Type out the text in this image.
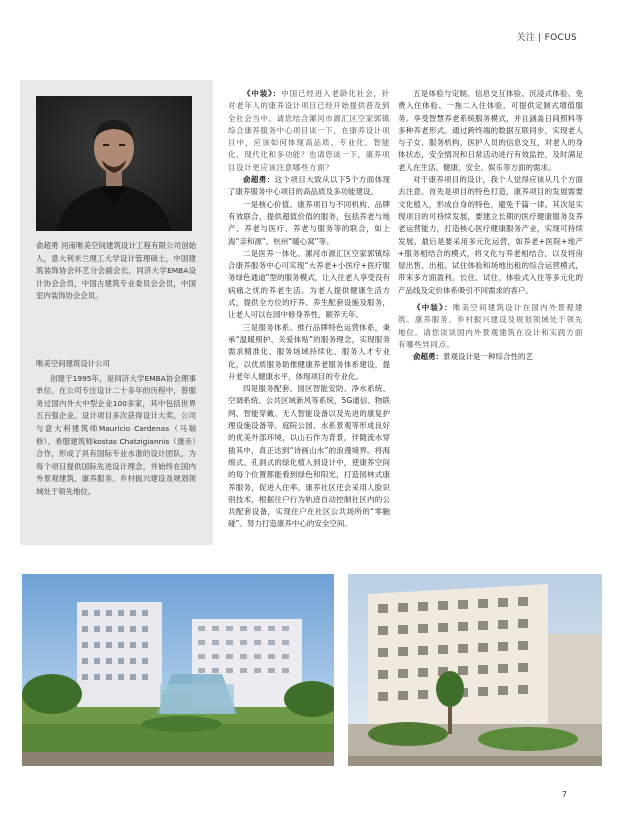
关注 | FOCUS
俞超勇 河南唯美空间建筑设计工程有限公司创始人，意大利米兰理工大学设计管理硕士，中国建筑装饰协会环艺分会副会长，同济大学EMBA设计协会会员，中国古建筑专业委员会会员，中国室内装饰协会会员。
唯美空间建筑设计公司
创建于1995年，是同济大学EMBA协会理事单位。在公司专注设计二十多年的历程中，曾服务过国内外大中型企业100多家，其中包括世界五百强企业。设计项目多次获得设计大奖。公司与意大利建筑师Mauricio Cardenas（马瑞修）、希腊建筑师kostas Chatzigiannis（康赤）合作，形成了具有国际专业水准的设计团队，为每个项目提供国际先进设计理念，并始终在国内外景观建筑、康养服务、乡村振兴建设及规划领域处于领先地位。

《中装》：中国已经进入老龄化社会，针对老年人的康养设计项目已经开始提供普及到全社会当中。请您结合漯河市源汇区空家郭镇综合康养服务中心项目谈一下，在康养设计项目中，应该如何体现高品质、专业化、智能化、现代化和多功能？也请您谈一下，康养项目设计更应该注意哪些方面？

俞超勇：这个项目大致从以下5个方面体现了康养服务中心项目的高品质及多功能建设。

一是核心价值。康养项目与不同机构、品牌有效联合，提供超值价值的服务，包括养老与地产、养老与医疗、养老与服务等的联合，如上海“亲和源”、杭州“暖心窝”等。

二是医养一体化。漯河市源汇区空家郭镇综合康养服务中心可实现“大养老+小医疗+医疗服务绿色通道”型的服务模式，让入住老人享受没有病痛之忧的养老生活。为老人提供健康生活方式，提供全方位的疗养、养生配套设施及服务，让老人可以在园中修身养性、颐养天年。

三是服务体系。推行品牌特色运营体系，秉承“温暖照护、关爱体贴”的服务理念，实现服务需求精准化、服务场域持续化、服务人才专业化，以优质服务助推健康养老服务体系建设，提升老年人健康水平，体现项目的专业化。

四是服务配套。园区智能安防、净水系统、空调系统、公共区域新风等系统，5G通信、物联网、智能穿戴、无人智能设备以及先进的康复护理设施设备等。庭院公园、水系景观等形成良好的优美外部环境，以山石作为背景，伴随流水穿插其中，真正达到“诗画山水”的浪漫境界。将海绵式、孔洞式的绿化植入到设计中，使康养空间的每个位置都能看到绿色和阳光，打造园林式康养服务，促进入住率。康养社区还会采用人脸识别技术，根据住户行为轨迹自动控制社区内的公共配套设备，实现住户在社区公共场所的“零触碰”。努力打造康养中心的安全空间。

五是体验与定制。信息交互体验、沉浸式体验、免费入住体验、一拖二入住体验，可提供定制式增值服务。享受智慧养老系统服务模式，并且涵盖日间照料等多种养老形式。通过跨终端的数据互联同步，实现老人与子女、服务机构、医护人员的信息交互，对老人的身体状态，安全情况和日常活动进行有效监控，及时满足老人在生活、健康、安全、娱乐等方面的需求。

对于康养项目的设计，我个人觉得应该从几个方面去注意。首先是项目的特色打造，康养项目的发展需要文化植入，形成自身的特色，避免千篇一律。其次是实现项目的可持续发展，要建立长期的医疗健康服务及养老运营能力，打造核心医疗健康服务产业，实现可持续发展。最后是要采用多元化运营，如养老+医院+地产+服务相结合的模式，将文化与养老相结合，以及将房屋出售、出租、试住体验和场地出租的综合运营模式，带来多方面盈利。长住、试住、体验式入住等多元化的产品线及定价体系吸引不同需求的客户。

《中装》：唯美空间建筑设计在国内外景观建筑、康养服务、乡村振兴建设及规划领域处于领先地位。请您谈谈国内外景观建筑在设计和实践方面有哪些异同点。

俞超勇：景观设计是一种综合性的艺

7
